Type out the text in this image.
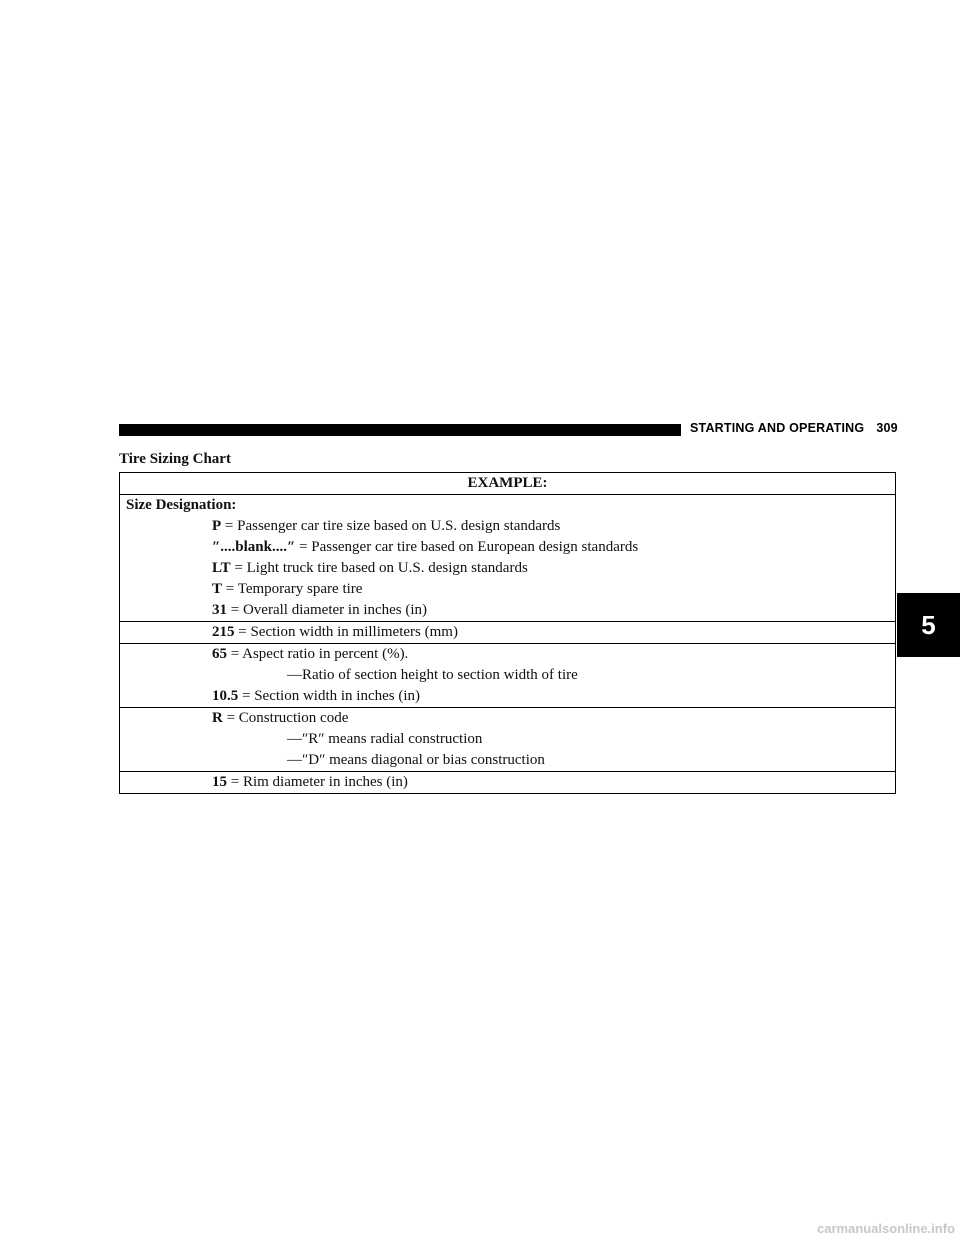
STARTING AND OPERATING 309
5
Tire Sizing Chart
EXAMPLE:

Size Designation:
P = Passenger car tire size based on U.S. design standards
″....blank....″ = Passenger car tire based on European design standards
LT = Light truck tire based on U.S. design standards
T = Temporary spare tire
31 = Overall diameter in inches (in)

215 = Section width in millimeters (mm)

65 = Aspect ratio in percent (%).
—Ratio of section height to section width of tire
10.5 = Section width in inches (in)

R = Construction code
—″R″ means radial construction
—″D″ means diagonal or bias construction

15 = Rim diameter in inches (in)
carmanualsonline.info
